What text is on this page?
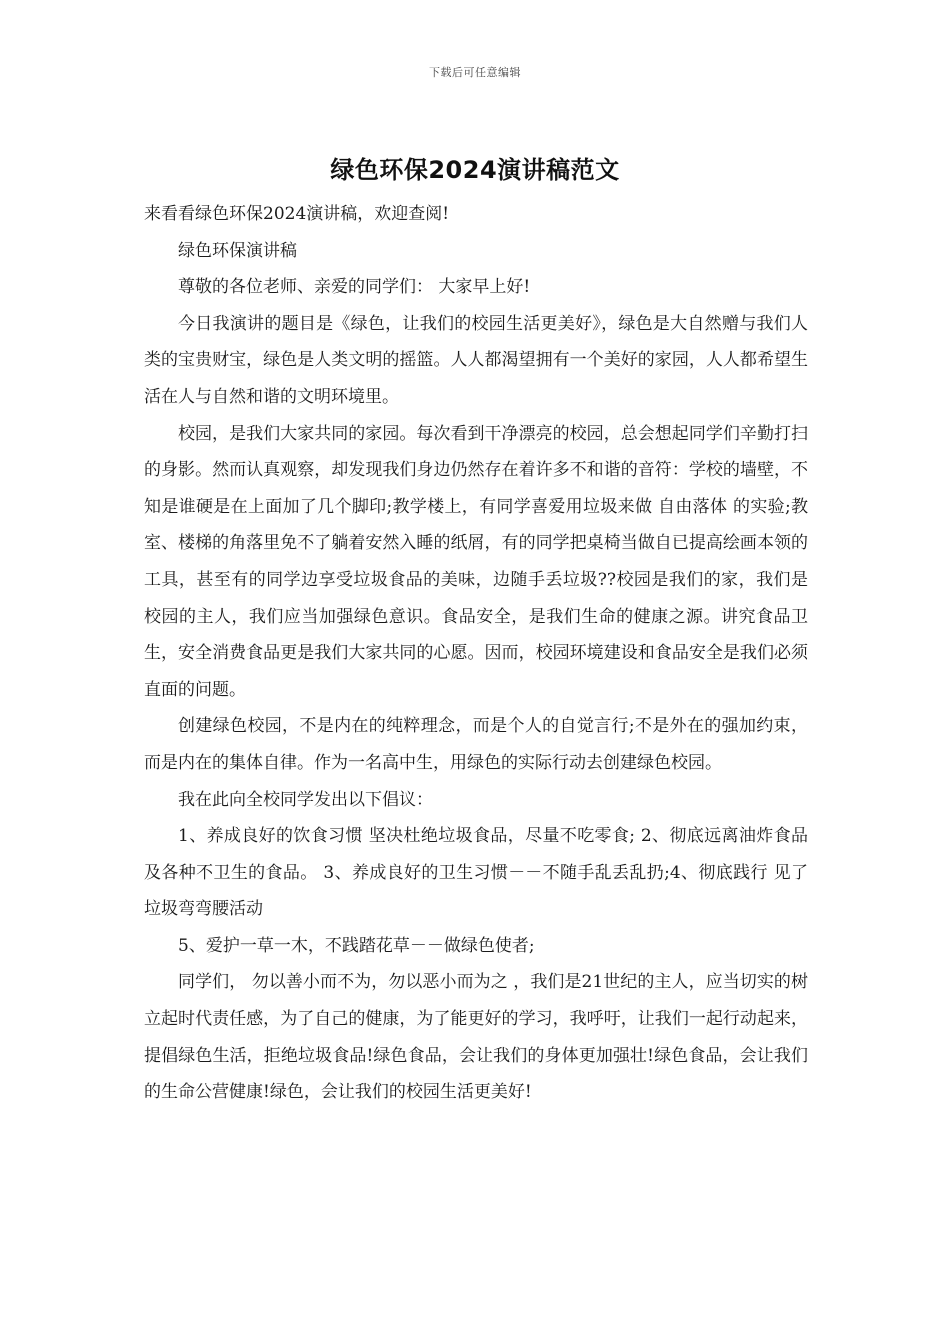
下载后可任意编辑
绿色环保2024演讲稿范文

来看看绿色环保2024演讲稿，欢迎查阅!

绿色环保演讲稿

尊敬的各位老师、亲爱的同学们： 大家早上好!

今日我演讲的题目是《绿色，让我们的校园生活更美好》，绿色是大自然赠与我们人类的宝贵财宝，绿色是人类文明的摇篮。人人都渴望拥有一个美好的家园，人人都希望生活在人与自然和谐的文明环境里。

校园，是我们大家共同的家园。每次看到干净漂亮的校园，总会想起同学们辛勤打扫的身影。然而认真观察，却发现我们身边仍然存在着许多不和谐的音符：学校的墙壁，不知是谁硬是在上面加了几个脚印;教学楼上，有同学喜爱用垃圾来做 自由落体 的实验;教室、楼梯的角落里免不了躺着安然入睡的纸屑，有的同学把桌椅当做自已提高绘画本领的工具，甚至有的同学边享受垃圾食品的美味，边随手丢垃圾??校园是我们的家，我们是校园的主人，我们应当加强绿色意识。食品安全，是我们生命的健康之源。讲究食品卫生，安全消费食品更是我们大家共同的心愿。因而，校园环境建设和食品安全是我们必须直面的问题。

创建绿色校园，不是内在的纯粹理念，而是个人的自觉言行;不是外在的强加约束，而是内在的集体自律。作为一名高中生，用绿色的实际行动去创建绿色校园。

我在此向全校同学发出以下倡议：

1、养成良好的饮食习惯 坚决杜绝垃圾食品，尽量不吃零食; 2、彻底远离油炸食品及各种不卫生的食品。 3、养成良好的卫生习惯－－不随手乱丢乱扔;4、彻底践行 见了垃圾弯弯腰活动

5、爱护一草一木，不践踏花草－－做绿色使者;

同学们， 勿以善小而不为，勿以恶小而为之 ，我们是21世纪的主人，应当切实的树立起时代责任感，为了自己的健康，为了能更好的学习，我呼吁，让我们一起行动起来，提倡绿色生活，拒绝垃圾食品!绿色食品，会让我们的身体更加强壮!绿色食品，会让我们的生命公营健康!绿色，会让我们的校园生活更美好!
